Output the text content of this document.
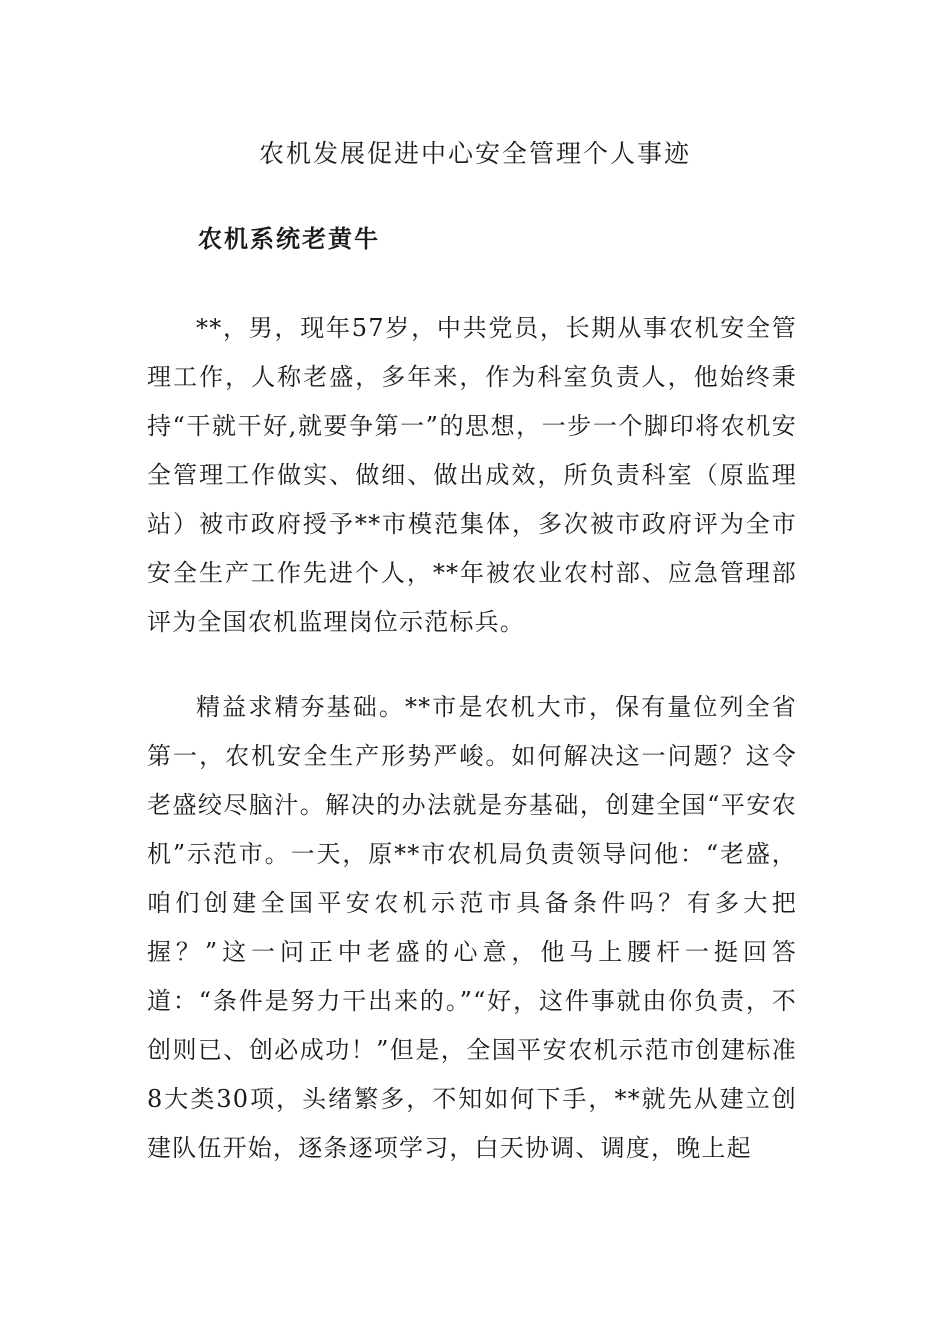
农机发展促进中心安全管理个人事迹
农机系统老黄牛

**，男，现年57岁，中共党员，长期从事农机安全管理工作，人称老盛，多年来，作为科室负责人，他始终秉持“干就干好,就要争第一”的思想，一步一个脚印将农机安全管理工作做实、做细、做出成效，所负责科室（原监理站）被市政府授予**市模范集体，多次被市政府评为全市安全生产工作先进个人，**年被农业农村部、应急管理部评为全国农机监理岗位示范标兵。

精益求精夯基础。**市是农机大市，保有量位列全省第一，农机安全生产形势严峻。如何解决这一问题？这令老盛绞尽脑汁。解决的办法就是夯基础，创建全国“平安农机”示范市。一天，原**市农机局负责领导问他：“老盛，咱们创建全国平安农机示范市具备条件吗？有多大把握？”这一问正中老盛的心意，他马上腰杆一挺回答道：“条件是努力干出来的。”“好，这件事就由你负责，不创则已、创必成功！”但是，全国平安农机示范市创建标准8大类30项，头绪繁多，不知如何下手，**就先从建立创建队伍开始，逐条逐项学习，白天协调、调度，晚上起
